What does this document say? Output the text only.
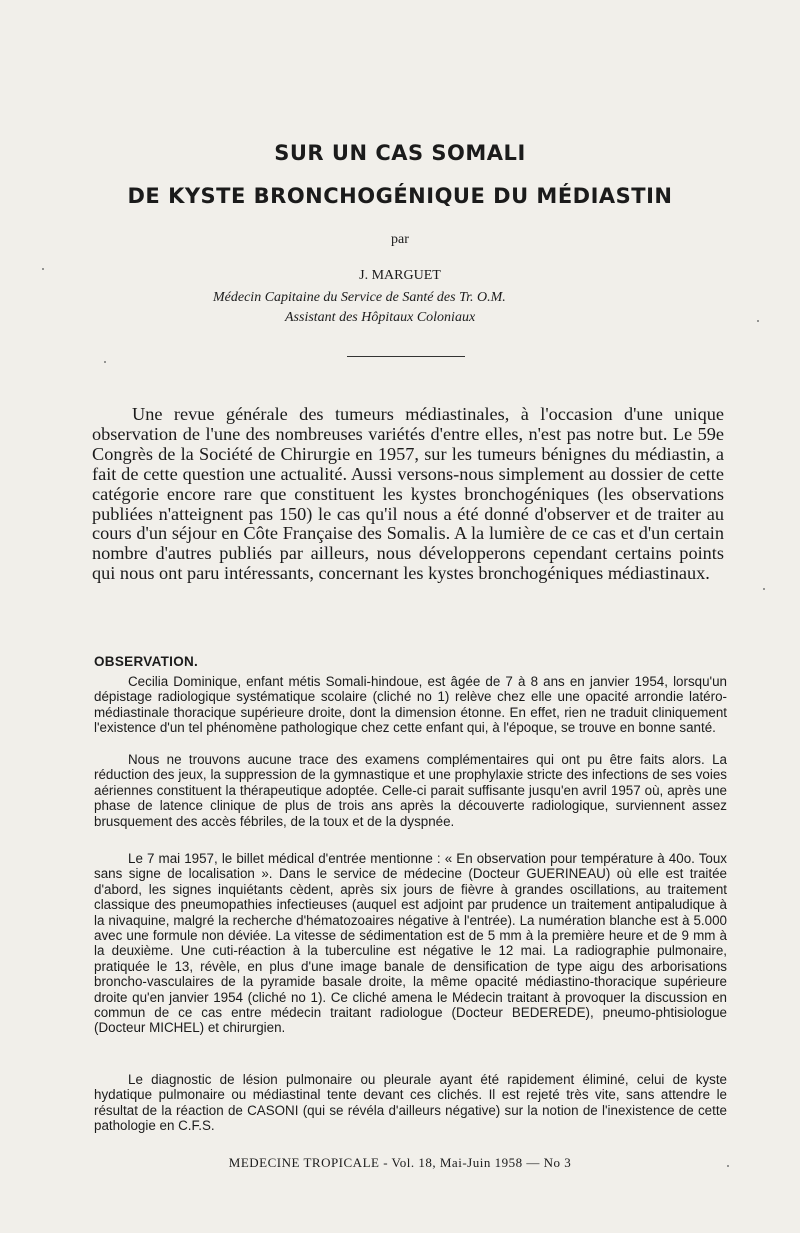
SUR UN CAS SOMALI
DE KYSTE BRONCHOGÉNIQUE DU MÉDIASTIN
par
J. MARGUET
Médecin Capitaine du Service de Santé des Tr. O.M.
Assistant des Hôpitaux Coloniaux

Une revue générale des tumeurs médiastinales, à l'occasion d'une unique observation de l'une des nombreuses variétés d'entre elles, n'est pas notre but. Le 59e Congrès de la Société de Chirurgie en 1957, sur les tumeurs bénignes du médiastin, a fait de cette question une actualité. Aussi versons-nous simplement au dossier de cette catégorie encore rare que constituent les kystes bronchogéniques (les observations publiées n'atteignent pas 150) le cas qu'il nous a été donné d'observer et de traiter au cours d'un séjour en Côte Française des Somalis. A la lumière de ce cas et d'un certain nombre d'autres publiés par ailleurs, nous développerons cependant certains points qui nous ont paru intéressants, concernant les kystes bronchogéniques médiastinaux.

OBSERVATION.

Cecilia Dominique, enfant métis Somali-hindoue, est âgée de 7 à 8 ans en janvier 1954, lorsqu'un dépistage radiologique systématique scolaire (cliché no 1) relève chez elle une opacité arrondie latéro-médiastinale thoracique supérieure droite, dont la dimension étonne. En effet, rien ne traduit cliniquement l'existence d'un tel phénomène pathologique chez cette enfant qui, à l'époque, se trouve en bonne santé.

Nous ne trouvons aucune trace des examens complémentaires qui ont pu être faits alors. La réduction des jeux, la suppression de la gymnastique et une prophylaxie stricte des infections de ses voies aériennes constituent la thérapeutique adoptée. Celle-ci parait suffisante jusqu'en avril 1957 où, après une phase de latence clinique de plus de trois ans après la découverte radiologique, surviennent assez brusquement des accès fébriles, de la toux et de la dyspnée.

Le 7 mai 1957, le billet médical d'entrée mentionne : « En observation pour température à 40o. Toux sans signe de localisation ». Dans le service de médecine (Docteur GUERINEAU) où elle est traitée d'abord, les signes inquiétants cèdent, après six jours de fièvre à grandes oscillations, au traitement classique des pneumopathies infectieuses (auquel est adjoint par prudence un traitement antipaludique à la nivaquine, malgré la recherche d'hématozoaires négative à l'entrée). La numération blanche est à 5.000 avec une formule non déviée. La vitesse de sédimentation est de 5 mm à la première heure et de 9 mm à la deuxième. Une cuti-réaction à la tuberculine est négative le 12 mai. La radiographie pulmonaire, pratiquée le 13, révèle, en plus d'une image banale de densification de type aigu des arborisations broncho-vasculaires de la pyramide basale droite, la même opacité médiastino-thoracique supérieure droite qu'en janvier 1954 (cliché no 1). Ce cliché amena le Médecin traitant à provoquer la discussion en commun de ce cas entre médecin traitant radiologue (Docteur BEDEREDE), pneumo-phtisiologue (Docteur MICHEL) et chirurgien.

Le diagnostic de lésion pulmonaire ou pleurale ayant été rapidement éliminé, celui de kyste hydatique pulmonaire ou médiastinal tente devant ces clichés. Il est rejeté très vite, sans attendre le résultat de la réaction de CASONI (qui se révéla d'ailleurs négative) sur la notion de l'inexistence de cette pathologie en C.F.S.

MEDECINE TROPICALE - Vol. 18, Mai-Juin 1958 — No 3
